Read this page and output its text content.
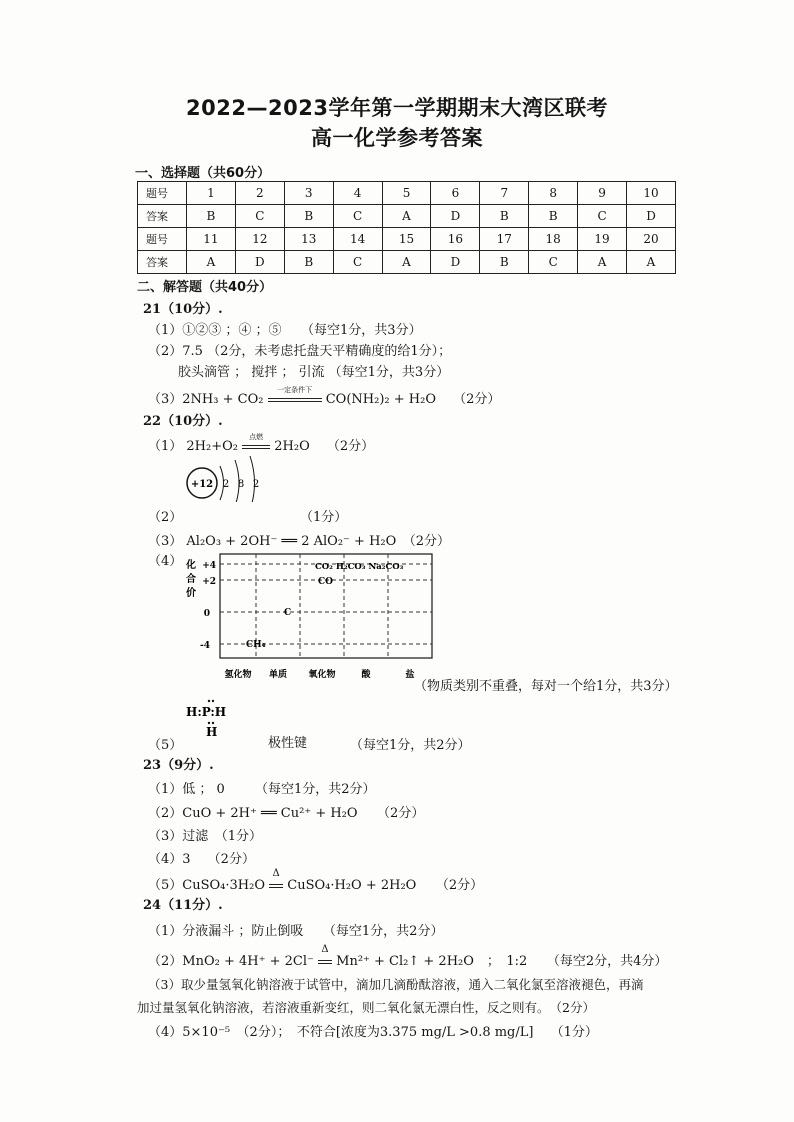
2022—2023学年第一学期期末大湾区联考
高一化学参考答案
一、选择题（共60分）
题号	1	2	3	4	5	6	7	8	9	10
答案	B	C	B	C	A	D	B	B	C	D
题号	11	12	13	14	15	16	17	18	19	20
答案	A	D	B	C	A	D	B	C	A	A
二、解答题（共40分）
21（10分）.
（1）①②③ ；④ ；⑤　　（每空1分，共3分）
（2）7.5 （2分，未考虑托盘天平精确度的给1分）；
胶头滴管 ； 搅拌 ； 引流 （每空1分，共3分）
（3）2NH₃ + CO₂
一定条件下
CO(NH₂)₂ + H₂O　 （2分）
22（10分）.
（1） 2H₂+O₂
点燃
2H₂O　 （2分）
+12 2 8 2
（2）	（1分）
（3） Al₂O₃ + 2OH⁻ ══ 2 AlO₂⁻ + H₂O　（2分）
（4） 化
合
价
+4
+2
0
-4
CO₂ H₂CO₃ Na₂CO₃
CO
C
CH₄
氢化物 单质 氧化物	酸	盐
（物质类别不重叠，每对一个给1分，共3分）
H:P:H
H
（5）	极性键	（每空1分，共2分）
23（9分）.
（1）低 ； 0　　 （每空1分，共2分）
（2）CuO + 2H⁺ ══ Cu²⁺ + H₂O　　（2分）
（3）过滤　（1分）
（4）3　 （2分）
（5）CuSO₄·3H₂O
Δ
CuSO₄·H₂O + 2H₂O　　（2分）
24（11分）.
（1）分液漏斗 ；防止倒吸　　（每空1分，共2分）
（2）MnO₂ + 4H⁺ + 2Cl⁻
Δ
Mn²⁺ + Cl₂↑ + 2H₂O　；　1:2　　（每空2分，共4分）
（3）取少量氢氧化钠溶液于试管中，滴加几滴酚酞溶液，通入二氧化氯至溶液褪色，再滴
加过量氢氧化钠溶液，若溶液重新变红，则二氧化氯无漂白性，反之则有。　（2分）
（4）5×10⁻⁵　（2分）；　不符合[浓度为3.375 mg/L >0.8 mg/L]　 （1分）
